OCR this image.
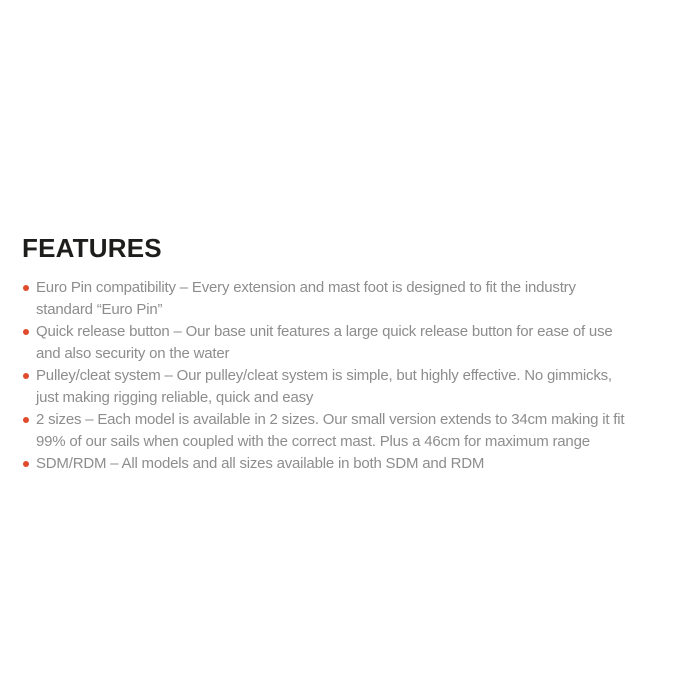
FEATURES
Euro Pin compatibility – Every extension and mast foot is designed to fit the industry
standard “Euro Pin”
Quick release button – Our base unit features a large quick release button for ease of use
and also security on the water
Pulley/cleat system – Our pulley/cleat system is simple, but highly effective. No gimmicks,
just making rigging reliable, quick and easy
2 sizes – Each model is available in 2 sizes. Our small version extends to 34cm making it fit
99% of our sails when coupled with the correct mast. Plus a 46cm for maximum range
SDM/RDM – All models and all sizes available in both SDM and RDM
